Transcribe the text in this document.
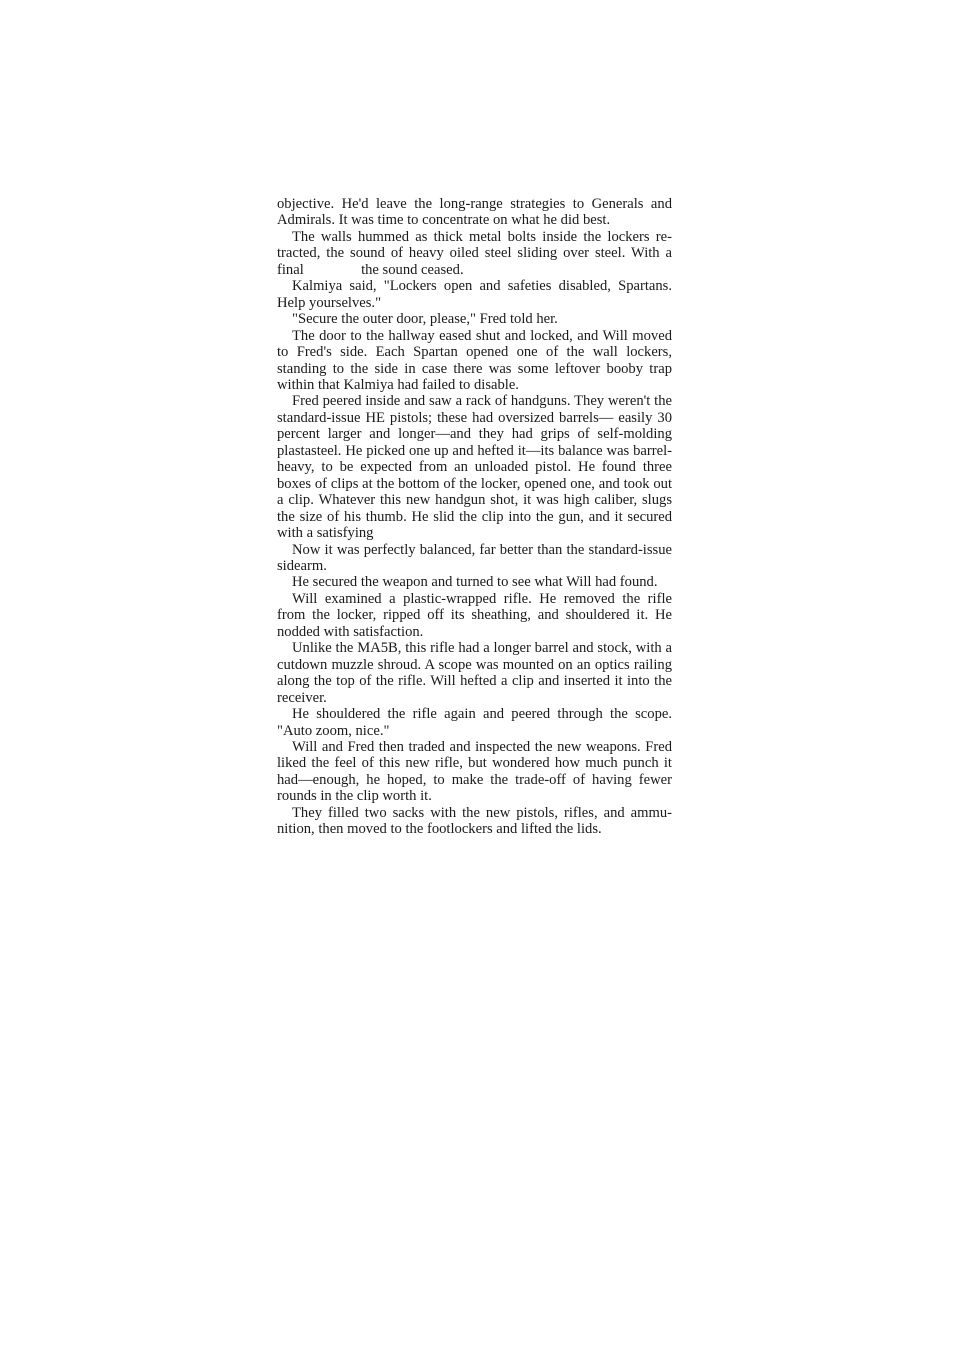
objective. He'd leave the long-range strategies to Generals and Admirals. It was time to concentrate on what he did best.

The walls hummed as thick metal bolts inside the lockers retracted, the sound of heavy oiled steel sliding over steel. With a final	the sound ceased.

Kalmiya said, "Lockers open and safeties disabled, Spartans. Help yourselves."

"Secure the outer door, please," Fred told her.

The door to the hallway eased shut and locked, and Will moved to Fred's side. Each Spartan opened one of the wall lockers, standing to the side in case there was some leftover booby trap within that Kalmiya had failed to disable.

Fred peered inside and saw a rack of handguns. They weren't the standard-issue HE pistols; these had oversized barrels— easily 30 percent larger and longer—and they had grips of self-molding plastasteel. He picked one up and hefted it—its balance was barrel-heavy, to be expected from an unloaded pistol. He found three boxes of clips at the bottom of the locker, opened one, and took out a clip. Whatever this new handgun shot, it was high caliber, slugs the size of his thumb. He slid the clip into the gun, and it secured with a satisfying

Now it was perfectly balanced, far better than the standard-issue sidearm.

He secured the weapon and turned to see what Will had found.

Will examined a plastic-wrapped rifle. He removed the rifle from the locker, ripped off its sheathing, and shouldered it. He nodded with satisfaction.

Unlike the MA5B, this rifle had a longer barrel and stock, with a cutdown muzzle shroud. A scope was mounted on an optics railing along the top of the rifle. Will hefted a clip and inserted it into the receiver.

He shouldered the rifle again and peered through the scope. "Auto zoom, nice."

Will and Fred then traded and inspected the new weapons. Fred liked the feel of this new rifle, but wondered how much punch it had—enough, he hoped, to make the trade-off of having fewer rounds in the clip worth it.

They filled two sacks with the new pistols, rifles, and ammunition, then moved to the footlockers and lifted the lids.
